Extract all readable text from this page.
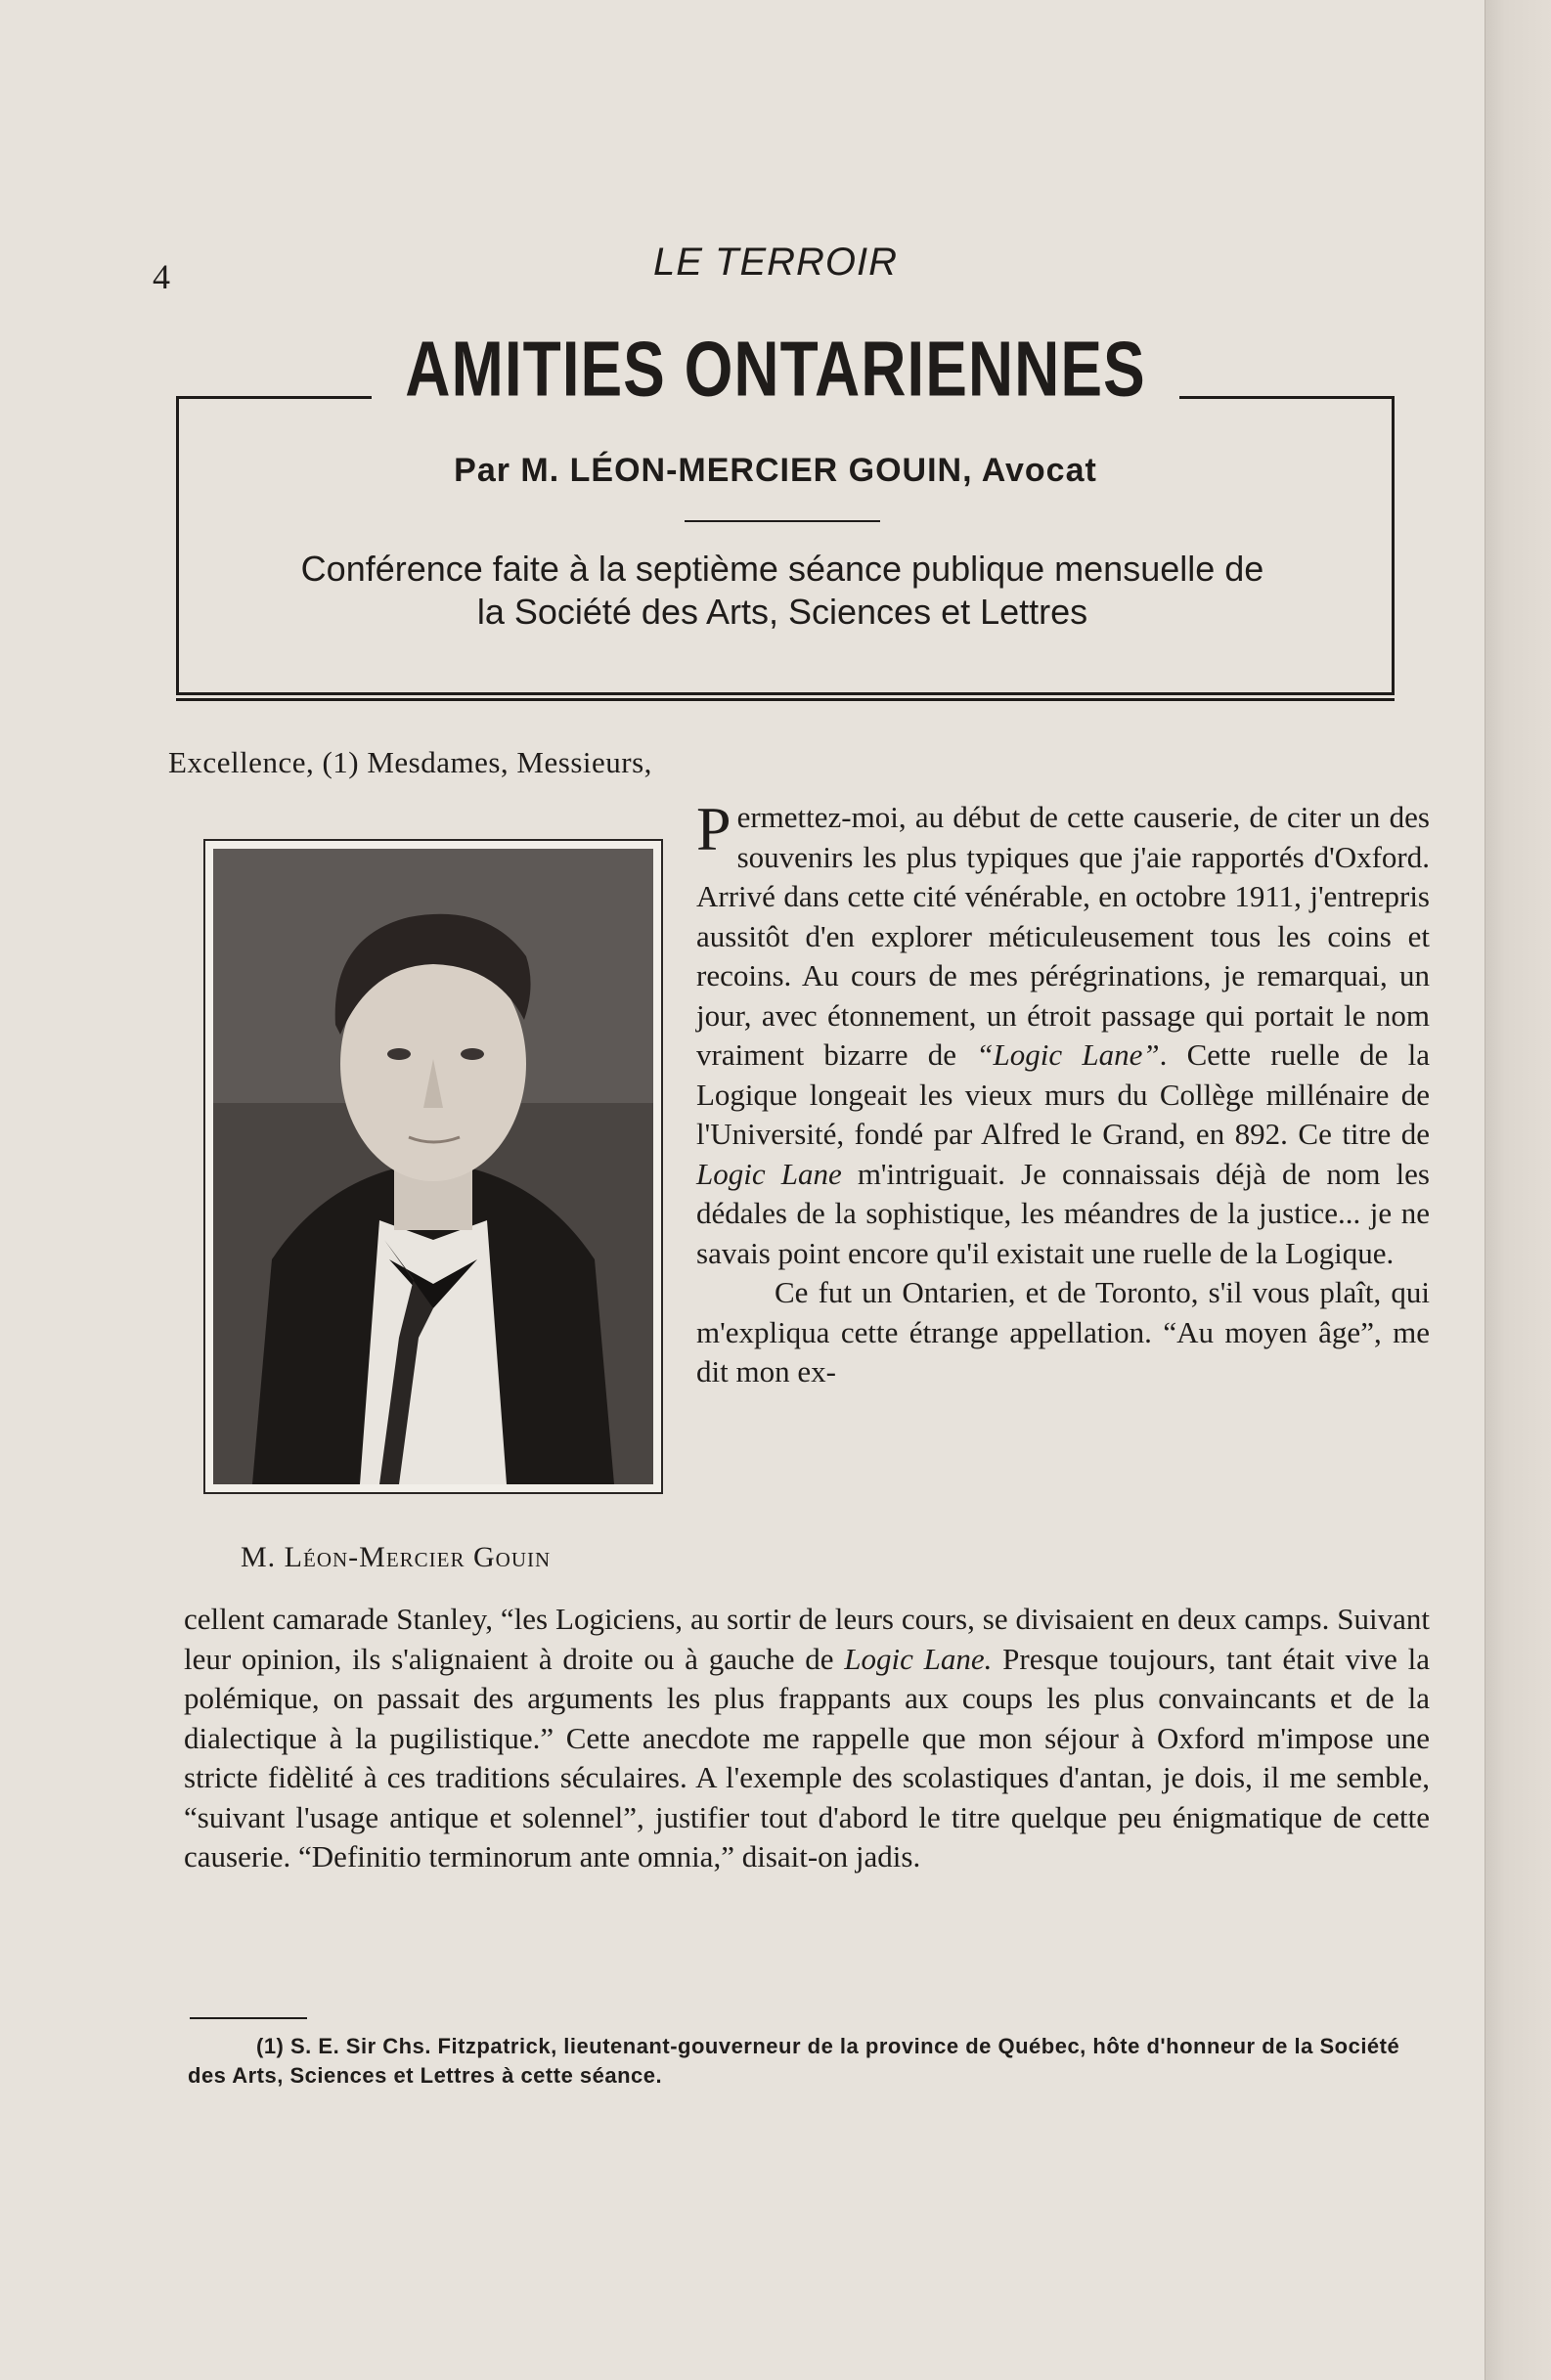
4	LE TERROIR
AMITIES ONTARIENNES
Par M. LÉON-MERCIER GOUIN, Avocat
Conférence faite à la septième séance publique mensuelle de
la Société des Arts, Sciences et Lettres
Excellence, (1) Mesdames, Messieurs,
M. Léon-Mercier Gouin

Permettez-moi, au début de cette causerie, de citer un des souvenirs les plus typiques que j'aie rapportés d'Oxford. Arrivé dans cette cité vénérable, en octobre 1911, j'entrepris aussitôt d'en explorer méticuleusement tous les coins et recoins. Au cours de mes pérégrinations, je remarquai, un jour, avec étonnement, un étroit passage qui portait le nom vraiment bizarre de “Logic Lane”. Cette ruelle de la Logique longeait les vieux murs du Collège millénaire de l'Université, fondé par Alfred le Grand, en 892. Ce titre de Logic Lane m'intriguait. Je connaissais déjà de nom les dédales de la sophistique, les méandres de la justice... je ne savais point encore qu'il existait une ruelle de la Logique.

Ce fut un Ontarien, et de Toronto, s'il vous plaît, qui m'expliqua cette étrange appellation. “Au moyen âge”, me dit mon ex-

cellent camarade Stanley, “les Logiciens, au sortir de leurs cours, se divisaient en deux camps. Suivant leur opinion, ils s'alignaient à droite ou à gauche de Logic Lane. Presque toujours, tant était vive la polémique, on passait des arguments les plus frappants aux coups les plus convaincants et de la dialectique à la pugilistique.” Cette anecdote me rappelle que mon séjour à Oxford m'impose une stricte fidèlité à ces traditions séculaires. A l'exemple des scolastiques d'antan, je dois, il me semble, “suivant l'usage antique et solennel”, justifier tout d'abord le titre quelque peu énigmatique de cette causerie. “Definitio terminorum ante omnia,” disait-on jadis.

(1) S. E. Sir Chs. Fitzpatrick, lieutenant-gouverneur de la province de Québec, hôte d'honneur de la Société des Arts, Sciences et Lettres à cette séance.
